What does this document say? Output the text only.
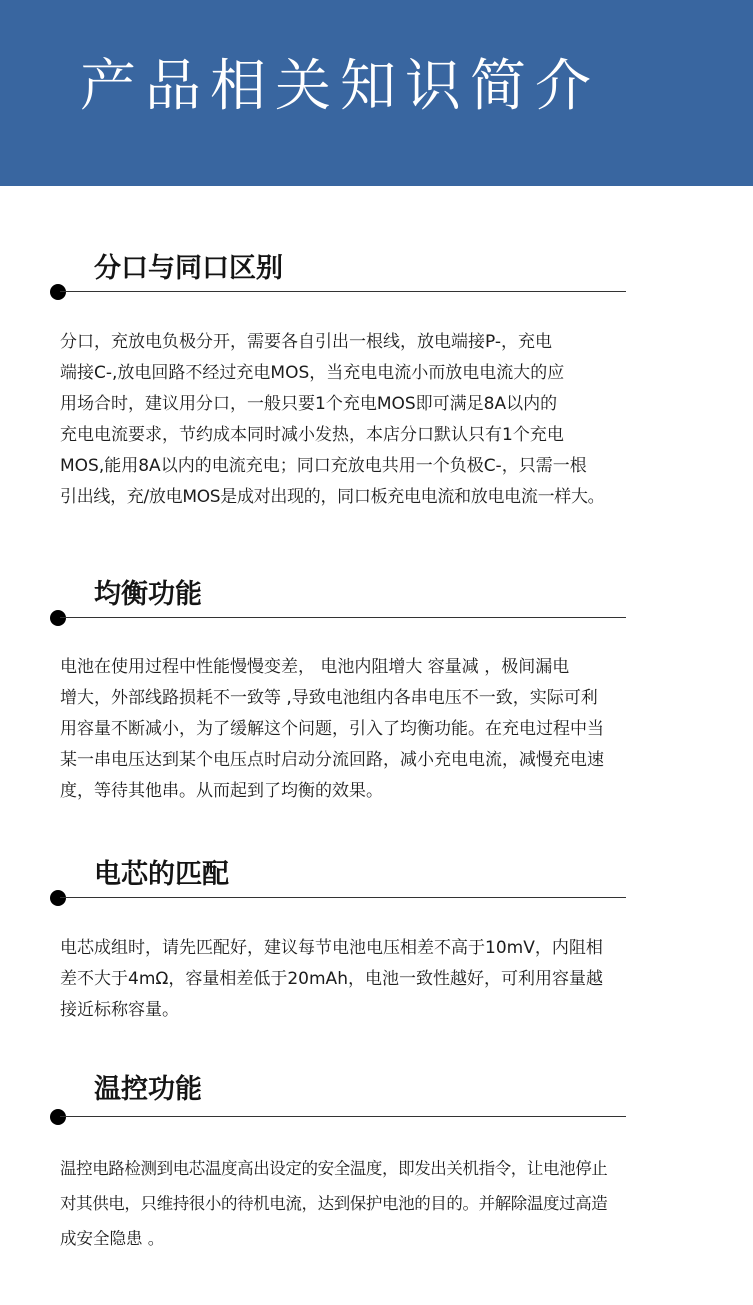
产品相关知识简介
分口与同口区别
分口，充放电负极分开，需要各自引出一根线，放电端接P-，充电
端接C-,放电回路不经过充电MOS，当充电电流小而放电电流大的应
用场合时，建议用分口，一般只要1个充电MOS即可满足8A以内的
充电电流要求，节约成本同时减小发热，本店分口默认只有1个充电
MOS,能用8A以内的电流充电；同口充放电共用一个负极C-，只需一根
引出线，充/放电MOS是成对出现的，同口板充电电流和放电电流一样大。
均衡功能
电池在使用过程中性能慢慢变差， 电池内阻增大 容量减 ，极间漏电
增大，外部线路损耗不一致等 ,导致电池组内各串电压不一致，实际可利
用容量不断减小，为了缓解这个问题，引入了均衡功能。在充电过程中当
某一串电压达到某个电压点时启动分流回路，减小充电电流，减慢充电速
度，等待其他串。从而起到了均衡的效果。
电芯的匹配
电芯成组时，请先匹配好，建议每节电池电压相差不高于10mV，内阻相
差不大于4mΩ，容量相差低于20mAh，电池一致性越好，可利用容量越
接近标称容量。
温控功能
温控电路检测到电芯温度高出设定的安全温度，即发出关机指令，让电池停止
对其供电，只维持很小的待机电流，达到保护电池的目的。并解除温度过高造
成安全隐患 。
